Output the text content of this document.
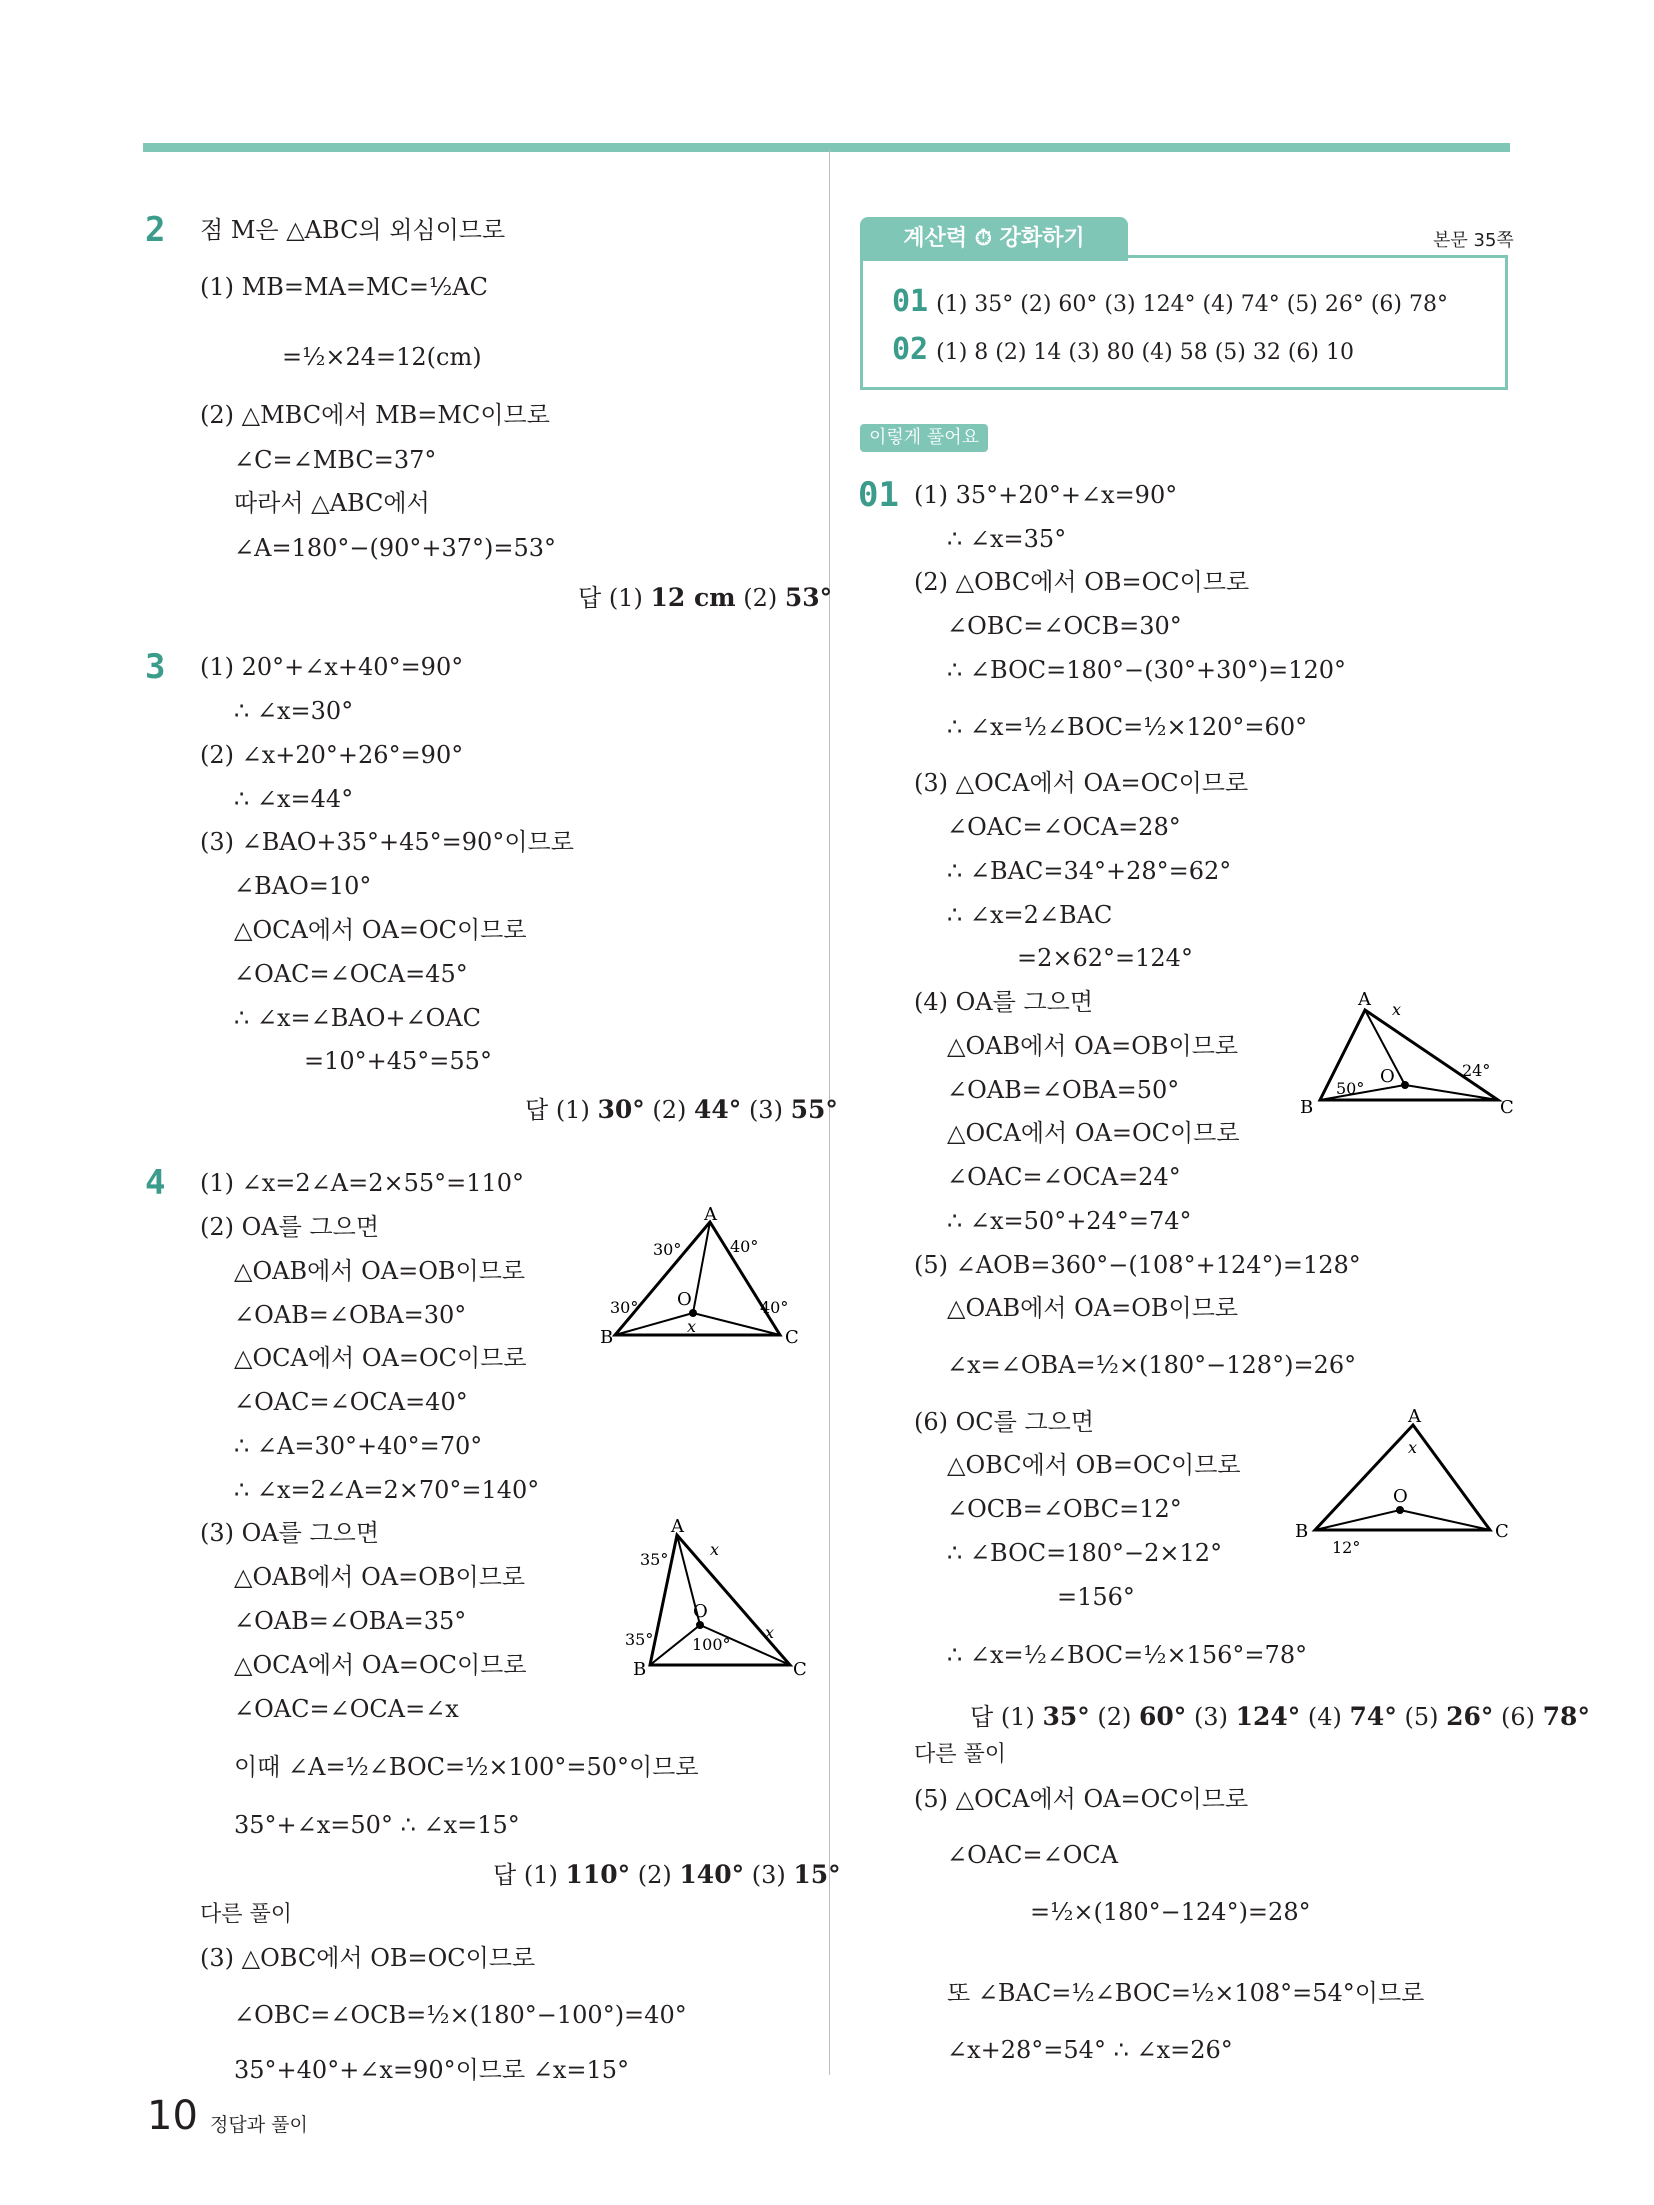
2 점 M은 △ABC의 외심이므로
(1) MB=MA=MC=½AC
=½×24=12(cm)
(2) △MBC에서 MB=MC이므로
∠C=∠MBC=37°
따라서 △ABC에서
∠A=180°−(90°+37°)=53°
답 (1) 12 cm (2) 53°
3 (1) 20°+∠x+40°=90°
∴ ∠x=30°
(2) ∠x+20°+26°=90°
∴ ∠x=44°
(3) ∠BAO+35°+45°=90°이므로
∠BAO=10°
△OCA에서 OA=OC이므로
∠OAC=∠OCA=45°
∴ ∠x=∠BAO+∠OAC
=10°+45°=55°
답 (1) 30° (2) 44° (3) 55°
4 (1) ∠x=2∠A=2×55°=110°
(2) OA를 그으면
△OAB에서 OA=OB이므로
∠OAB=∠OBA=30°
△OCA에서 OA=OC이므로
∠OAC=∠OCA=40°
∴ ∠A=30°+40°=70°
∴ ∠x=2∠A=2×70°=140°
(3) OA를 그으면
△OAB에서 OA=OB이므로
∠OAB=∠OBA=35°
△OCA에서 OA=OC이므로
∠OAC=∠OCA=∠x
이때 ∠A=½∠BOC=½×100°=50°이므로
35°+∠x=50° ∴ ∠x=15°
답 (1) 110° (2) 140° (3) 15°
다른 풀이
(3) △OBC에서 OB=OC이므로
∠OBC=∠OCB=½×(180°−100°)=40°
35°+40°+∠x=90°이므로 ∠x=15°
A
B	C
O
x
30°	40°
30°	40°
A
B	C
O
x
x
35°
35° 100°
계산력 ⏱ 강화하기	본문 35쪽
01 (1) 35° (2) 60° (3) 124° (4) 74° (5) 26° (6) 78°
02 (1) 8 (2) 14 (3) 80 (4) 58 (5) 32 (6) 10
이렇게 풀어요
01 (1) 35°+20°+∠x=90°
∴ ∠x=35°
(2) △OBC에서 OB=OC이므로
∠OBC=∠OCB=30°
∴ ∠BOC=180°−(30°+30°)=120°
∴ ∠x=½∠BOC=½×120°=60°
(3) △OCA에서 OA=OC이므로
∠OAC=∠OCA=28°
∴ ∠BAC=34°+28°=62°
∴ ∠x=2∠BAC
=2×62°=124°
(4) OA를 그으면
△OAB에서 OA=OB이므로
∠OAB=∠OBA=50°
△OCA에서 OA=OC이므로
∠OAC=∠OCA=24°
∴ ∠x=50°+24°=74°
(5) ∠AOB=360°−(108°+124°)=128°
△OAB에서 OA=OB이므로
∠x=∠OBA=½×(180°−128°)=26°
(6) OC를 그으면
△OBC에서 OB=OC이므로
∠OCB=∠OBC=12°
∴ ∠BOC=180°−2×12°
=156°
∴ ∠x=½∠BOC=½×156°=78°
답 (1) 35° (2) 60° (3) 124° (4) 74° (5) 26° (6) 78°
다른 풀이
(5) △OCA에서 OA=OC이므로
∠OAC=∠OCA
=½×(180°−124°)=28°
또 ∠BAC=½∠BOC=½×108°=54°이므로
∠x+28°=54° ∴ ∠x=26°
A
B	C
O
x
50°
24°
A
B	C
O
x
12°
10 정답과 풀이
